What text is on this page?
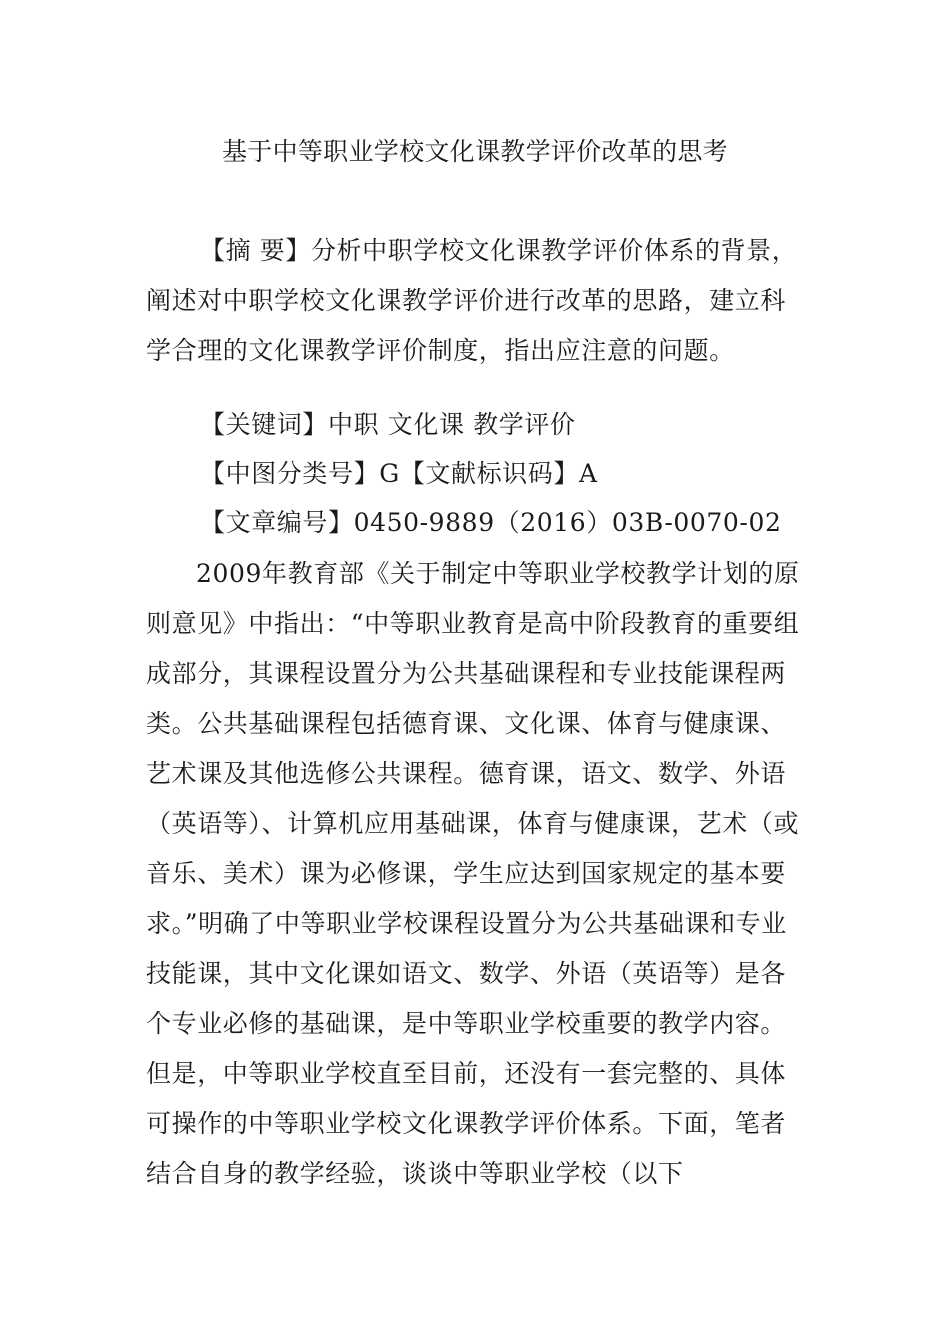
基于中等职业学校文化课教学评价改革的思考
【摘 要】分析中职学校文化课教学评价体系的背景，阐述对中职学校文化课教学评价进行改革的思路，建立科学合理的文化课教学评价制度，指出应注意的问题。
【关键词】中职 文化课 教学评价
【中图分类号】G【文献标识码】A
【文章编号】0450-9889（2016）03B-0070-02
2009年教育部《关于制定中等职业学校教学计划的原则意见》中指出：“中等职业教育是高中阶段教育的重要组成部分，其课程设置分为公共基础课程和专业技能课程两类。公共基础课程包括德育课、文化课、体育与健康课、艺术课及其他选修公共课程。德育课，语文、数学、外语（英语等）、计算机应用基础课，体育与健康课，艺术（或音乐、美术）课为必修课，学生应达到国家规定的基本要求。”明确了中等职业学校课程设置分为公共基础课和专业技能课，其中文化课如语文、数学、外语（英语等）是各个专业必修的基础课，是中等职业学校重要的教学内容。但是，中等职业学校直至目前，还没有一套完整的、具体可操作的中等职业学校文化课教学评价体系。下面，笔者结合自身的教学经验，谈谈中等职业学校（以下
